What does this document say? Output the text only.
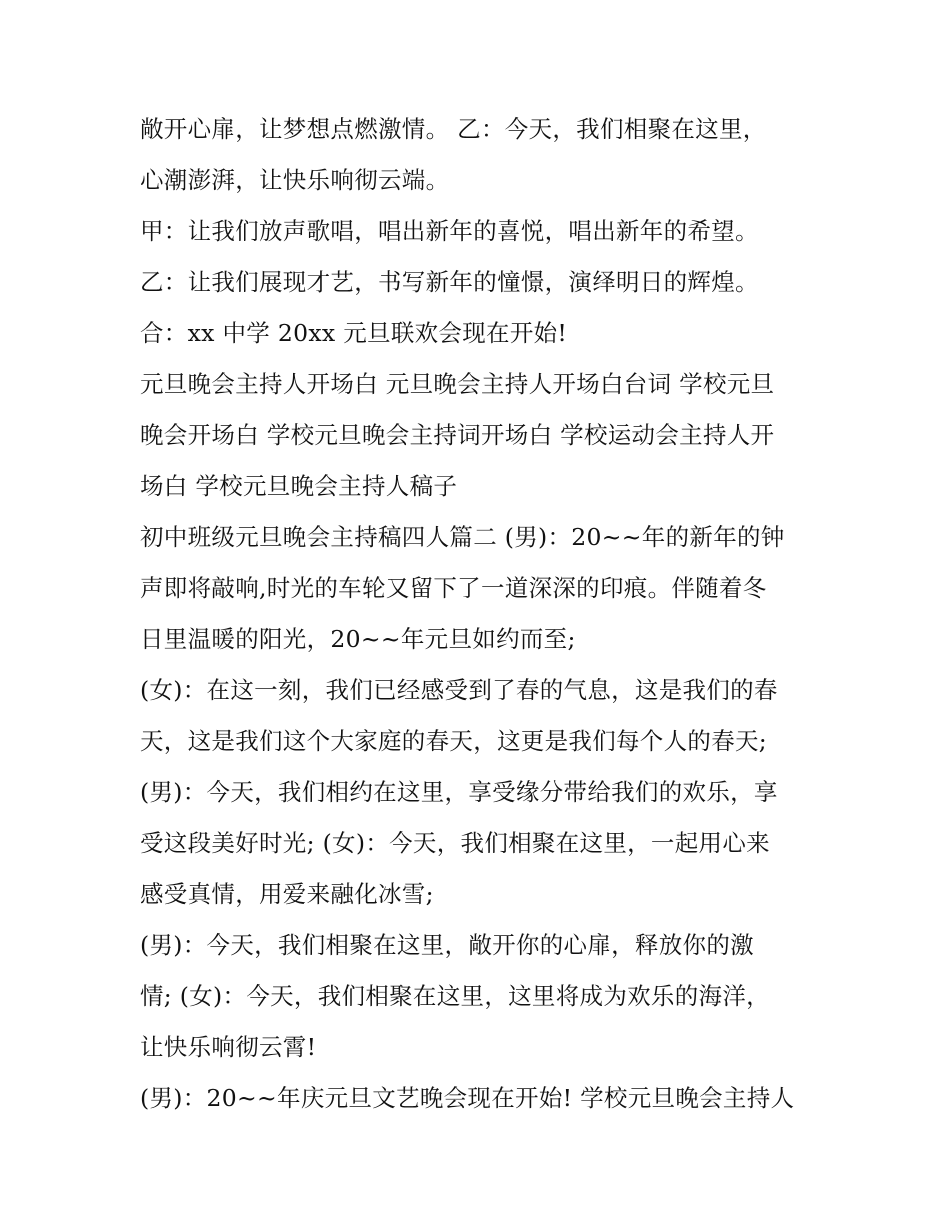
敞开心扉，让梦想点燃激情。 乙：今天，我们相聚在这里，
心潮澎湃，让快乐响彻云端。
甲：让我们放声歌唱，唱出新年的喜悦，唱出新年的希望。
乙：让我们展现才艺，书写新年的憧憬，演绎明日的辉煌。
合：xx 中学 20xx 元旦联欢会现在开始!
元旦晚会主持人开场白 元旦晚会主持人开场白台词 学校元旦
晚会开场白 学校元旦晚会主持词开场白 学校运动会主持人开
场白 学校元旦晚会主持人稿子
初中班级元旦晚会主持稿四人篇二 (男)：20~~年的新年的钟
声即将敲响,时光的车轮又留下了一道深深的印痕。伴随着冬
日里温暖的阳光，20~~年元旦如约而至;
(女)：在这一刻，我们已经感受到了春的气息，这是我们的春
天，这是我们这个大家庭的春天，这更是我们每个人的春天;
(男)：今天，我们相约在这里，享受缘分带给我们的欢乐，享
受这段美好时光; (女)：今天，我们相聚在这里，一起用心来
感受真情，用爱来融化冰雪;
(男)：今天，我们相聚在这里，敞开你的心扉，释放你的激
情; (女)：今天，我们相聚在这里，这里将成为欢乐的海洋，
让快乐响彻云霄!
(男)：20~~年庆元旦文艺晚会现在开始! 学校元旦晚会主持人
